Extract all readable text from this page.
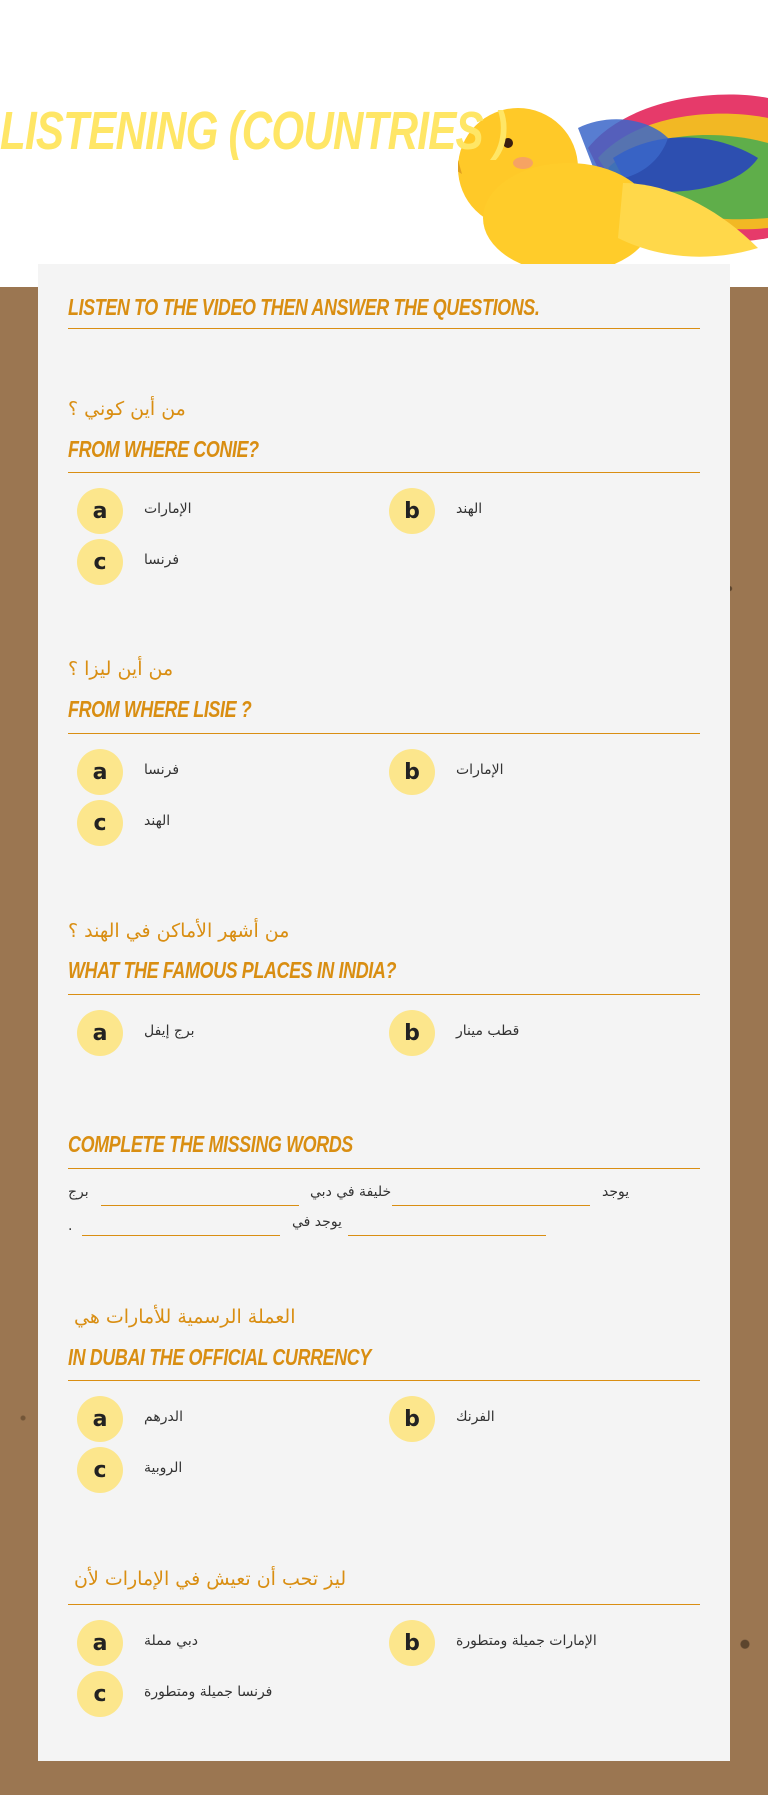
LISTENING (COUNTRIES )
LISTEN TO THE VIDEO THEN ANSWER THE QUESTIONS.
من أين كوني ؟
FROM WHERE CONIE?
a	الإمارات	b	الهند
c	فرنسا
من أين ليزا ؟
FROM WHERE LISIE ?
a	فرنسا	b	الإمارات
c	الهند
من أشهر الأماكن في الهند ؟
WHAT THE FAMOUS PLACES IN INDIA?
a	برج إيفل	b	قطب مينار
COMPLETE THE MISSING WORDS
يوجد
خليفة في دبي
برج
يوجد في
.
العملة الرسمية للأمارات هي
IN DUBAI THE OFFICIAL CURRENCY
a	الدرهم	b	الفرنك
c	الروبية
ليز تحب أن تعيش في الإمارات لأن
a	دبي مملة	b	الإمارات جميلة ومتطورة
c	فرنسا جميلة ومتطورة
